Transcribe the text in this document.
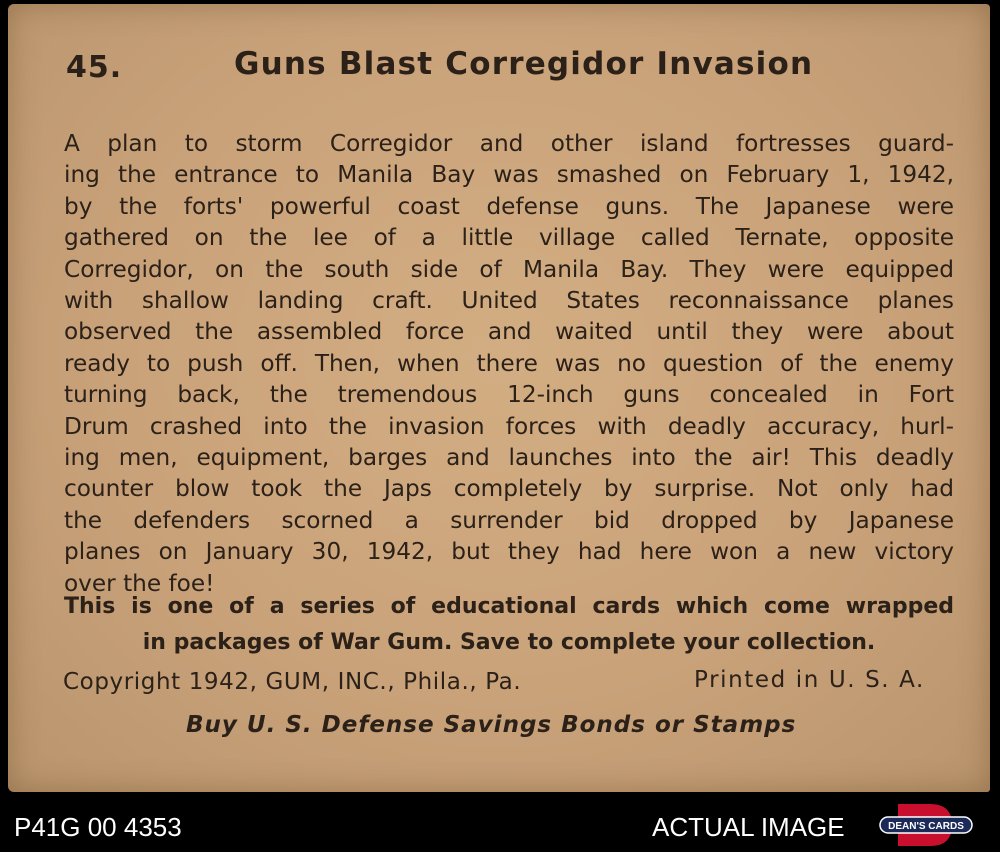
45.	Guns Blast Corregidor Invasion
A plan to storm Corregidor and other island fortresses guard-
ing the entrance to Manila Bay was smashed on February 1, 1942,
by the forts' powerful coast defense guns. The Japanese were
gathered on the lee of a little village called Ternate, opposite
Corregidor, on the south side of Manila Bay. They were equipped
with shallow landing craft. United States reconnaissance planes
observed the assembled force and waited until they were about
ready to push off. Then, when there was no question of the enemy
turning back, the tremendous 12-inch guns concealed in Fort
Drum crashed into the invasion forces with deadly accuracy, hurl-
ing men, equipment, barges and launches into the air! This deadly
counter blow took the Japs completely by surprise. Not only had
the defenders scorned a surrender bid dropped by Japanese
planes on January 30, 1942, but they had here won a new victory
over the foe!
This is one of a series of educational cards which come wrapped
in packages of War Gum. Save to complete your collection.
Copyright 1942, GUM, INC., Phila., Pa.	Printed in U. S. A.
Buy U. S. Defense Savings Bonds or Stamps
P41G 00 4353	ACTUAL IMAGE	DEAN'S CARDS
